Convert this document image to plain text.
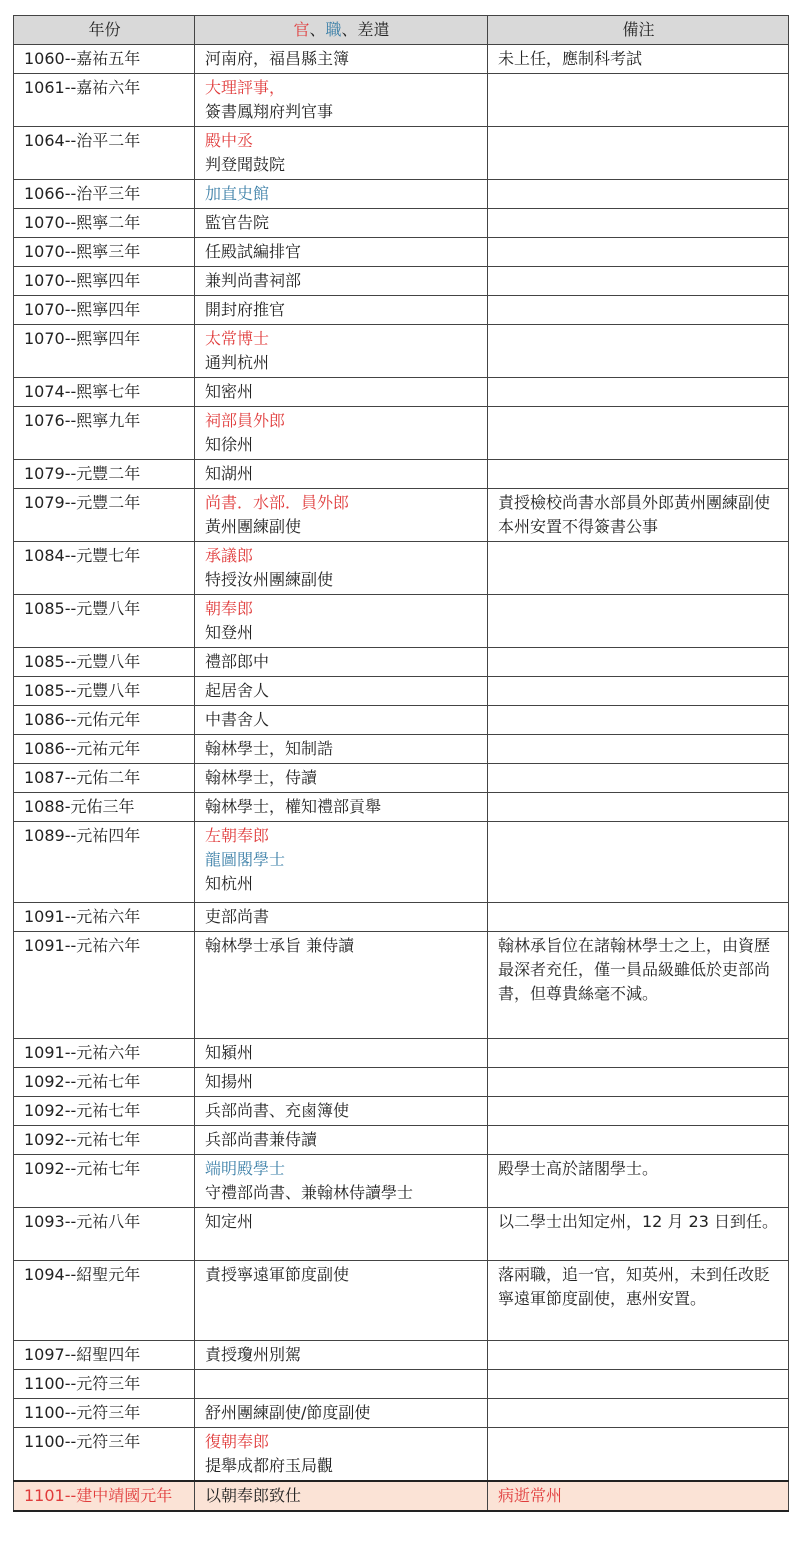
年份	官、職、差遣	備注
1060--嘉祐五年	河南府，福昌縣主簿	未上任，應制科考試

1061--嘉祐六年	大理評事，
簽書鳳翔府判官事	

1064--治平二年	殿中丞
判登聞鼓院	

1066--治平三年	加直史館	

1070--熙寧二年	監官告院	

1070--熙寧三年	任殿試編排官	

1070--熙寧四年	兼判尚書祠部	

1070--熙寧四年	開封府推官	

1070--熙寧四年	太常博士
通判杭州	

1074--熙寧七年	知密州	

1076--熙寧九年	祠部員外郎
知徐州	

1079--元豐二年	知湖州	

1079--元豐二年	尚書．水部．員外郎
黃州團練副使	責授檢校尚書水部員外郎黃州團練副使本州安置不得簽書公事

1084--元豐七年	承議郎
特授汝州團練副使	

1085--元豐八年	朝奉郎
知登州	

1085--元豐八年	禮部郎中	

1085--元豐八年	起居舍人	

1086--元佑元年	中書舍人	

1086--元祐元年	翰林學士，知制誥	

1087--元佑二年	翰林學士，侍讀	

1088-元佑三年	翰林學士，權知禮部貢舉	

1089--元祐四年	左朝奉郎
龍圖閣學士
知杭州	

1091--元祐六年	吏部尚書	

1091--元祐六年	翰林學士承旨 兼侍讀	翰林承旨位在諸翰林學士之上，由資歷最深者充任，僅一員品級雖低於吏部尚書，但尊貴絲毫不減。

1091--元祐六年	知潁州	

1092--元祐七年	知揚州	

1092--元祐七年	兵部尚書、充鹵簿使	

1092--元祐七年	兵部尚書兼侍讀	

1092--元祐七年	端明殿學士
守禮部尚書、兼翰林侍讀學士	殿學士高於諸閣學士。

1093--元祐八年	知定州	以二學士出知定州，12 月 23 日到任。

1094--紹聖元年	責授寧遠軍節度副使	落兩職，追一官，知英州，未到任改貶寧遠軍節度副使，惠州安置。

1097--紹聖四年	責授瓊州別駕	

1100--元符三年	

1100--元符三年	舒州團練副使/節度副使	

1100--元符三年	復朝奉郎
提舉成都府玉局觀	

1101--建中靖國元年	以朝奉郎致仕	病逝常州
